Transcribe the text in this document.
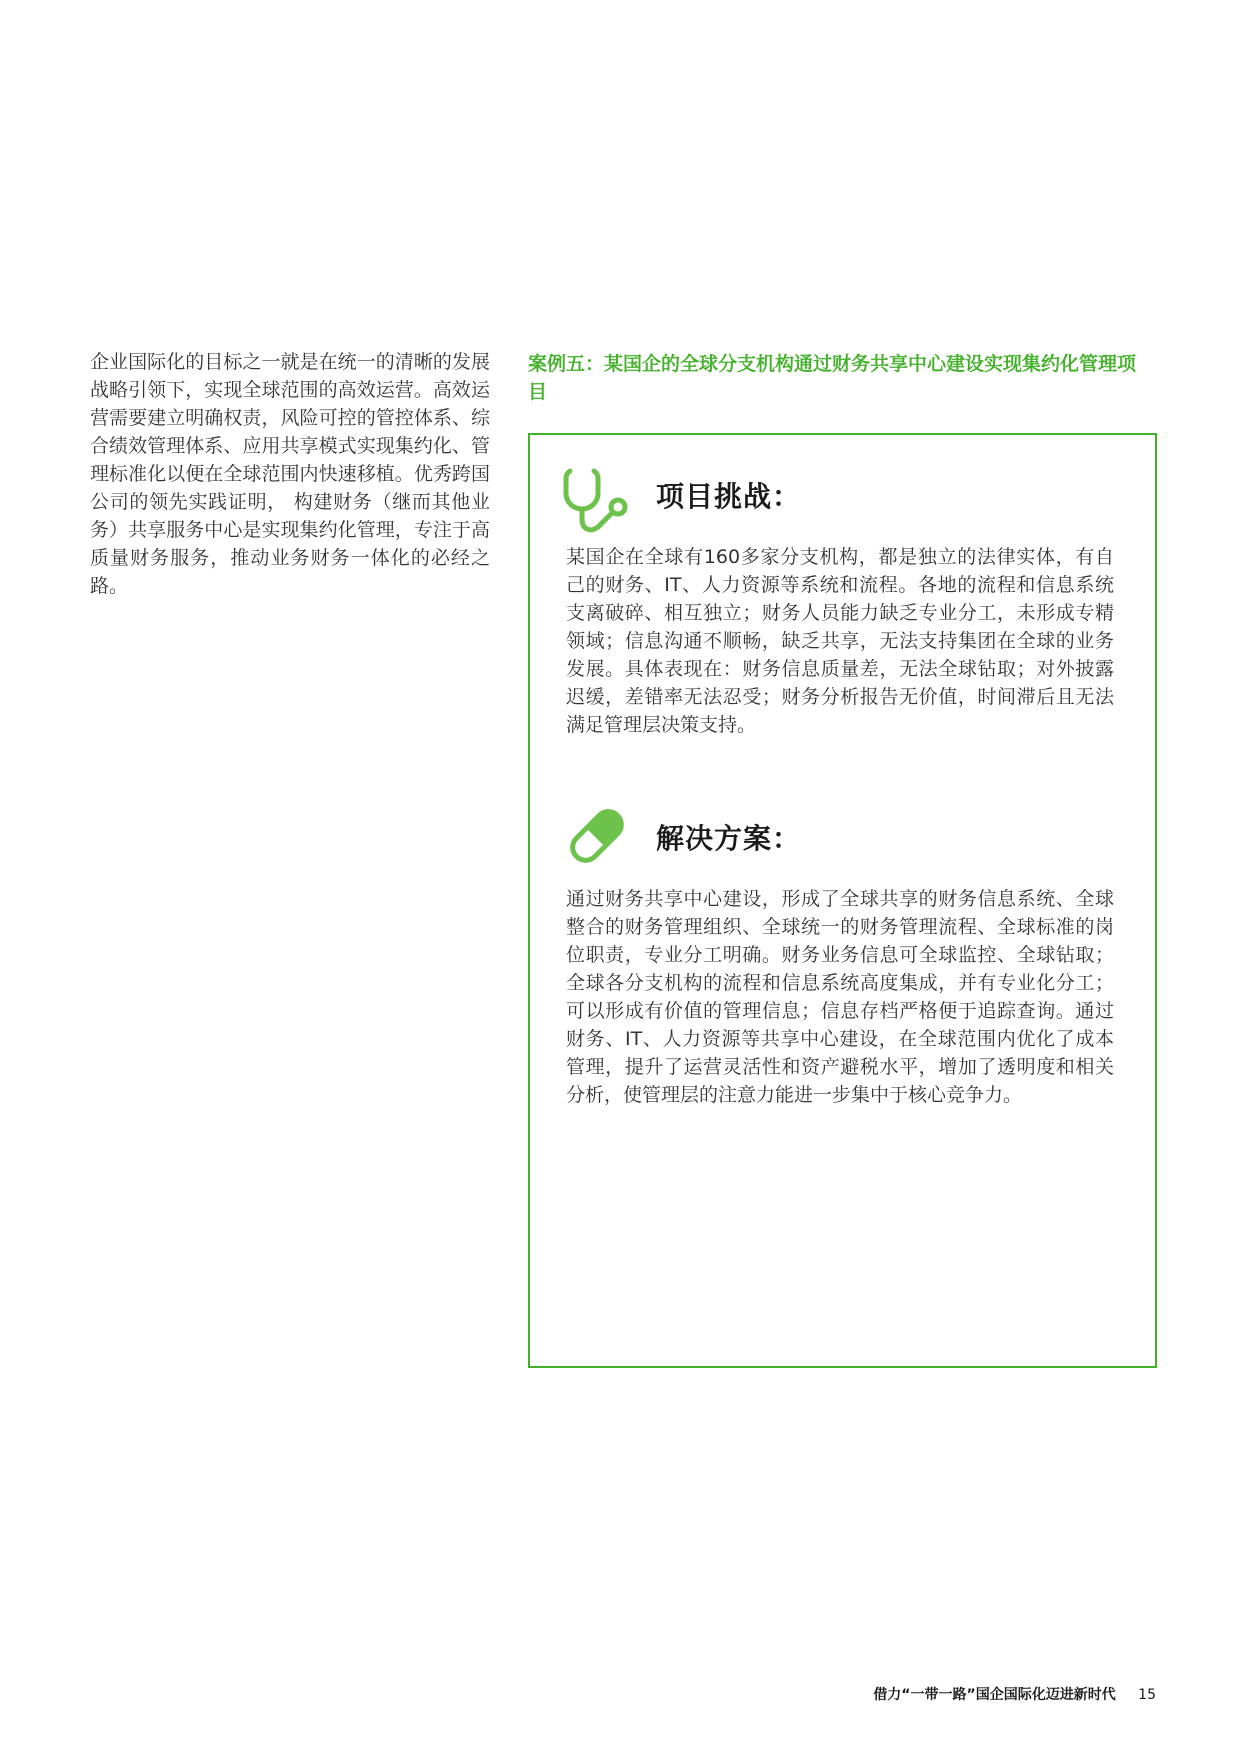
企业国际化的目标之一就是在统一的清晰的发展战略引领下，实现全球范围的高效运营。高效运营需要建立明确权责，风险可控的管控体系、综合绩效管理体系、应用共享模式实现集约化、管理标准化以便在全球范围内快速移植。优秀跨国公司的领先实践证明， 构建财务（继而其他业务）共享服务中心是实现集约化管理，专注于高质量财务服务，推动业务财务一体化的必经之路。
案例五：某国企的全球分支机构通过财务共享中心建设实现集约化管理项目
项目挑战：
某国企在全球有160多家分支机构，都是独立的法律实体，有自己的财务、IT、人力资源等系统和流程。各地的流程和信息系统支离破碎、相互独立；财务人员能力缺乏专业分工，未形成专精领域；信息沟通不顺畅，缺乏共享，无法支持集团在全球的业务发展。具体表现在：财务信息质量差，无法全球钻取；对外披露迟缓，差错率无法忍受；财务分析报告无价值，时间滞后且无法满足管理层决策支持。
解决方案：
通过财务共享中心建设，形成了全球共享的财务信息系统、全球整合的财务管理组织、全球统一的财务管理流程、全球标准的岗位职责，专业分工明确。财务业务信息可全球监控、全球钻取； 全球各分支机构的流程和信息系统高度集成，并有专业化分工；可以形成有价值的管理信息；信息存档严格便于追踪查询。通过财务、IT、人力资源等共享中心建设，在全球范围内优化了成本管理，提升了运营灵活性和资产避税水平，增加了透明度和相关分析，使管理层的注意力能进一步集中于核心竞争力。
借力“一带一路”国企国际化迈进新时代 15
